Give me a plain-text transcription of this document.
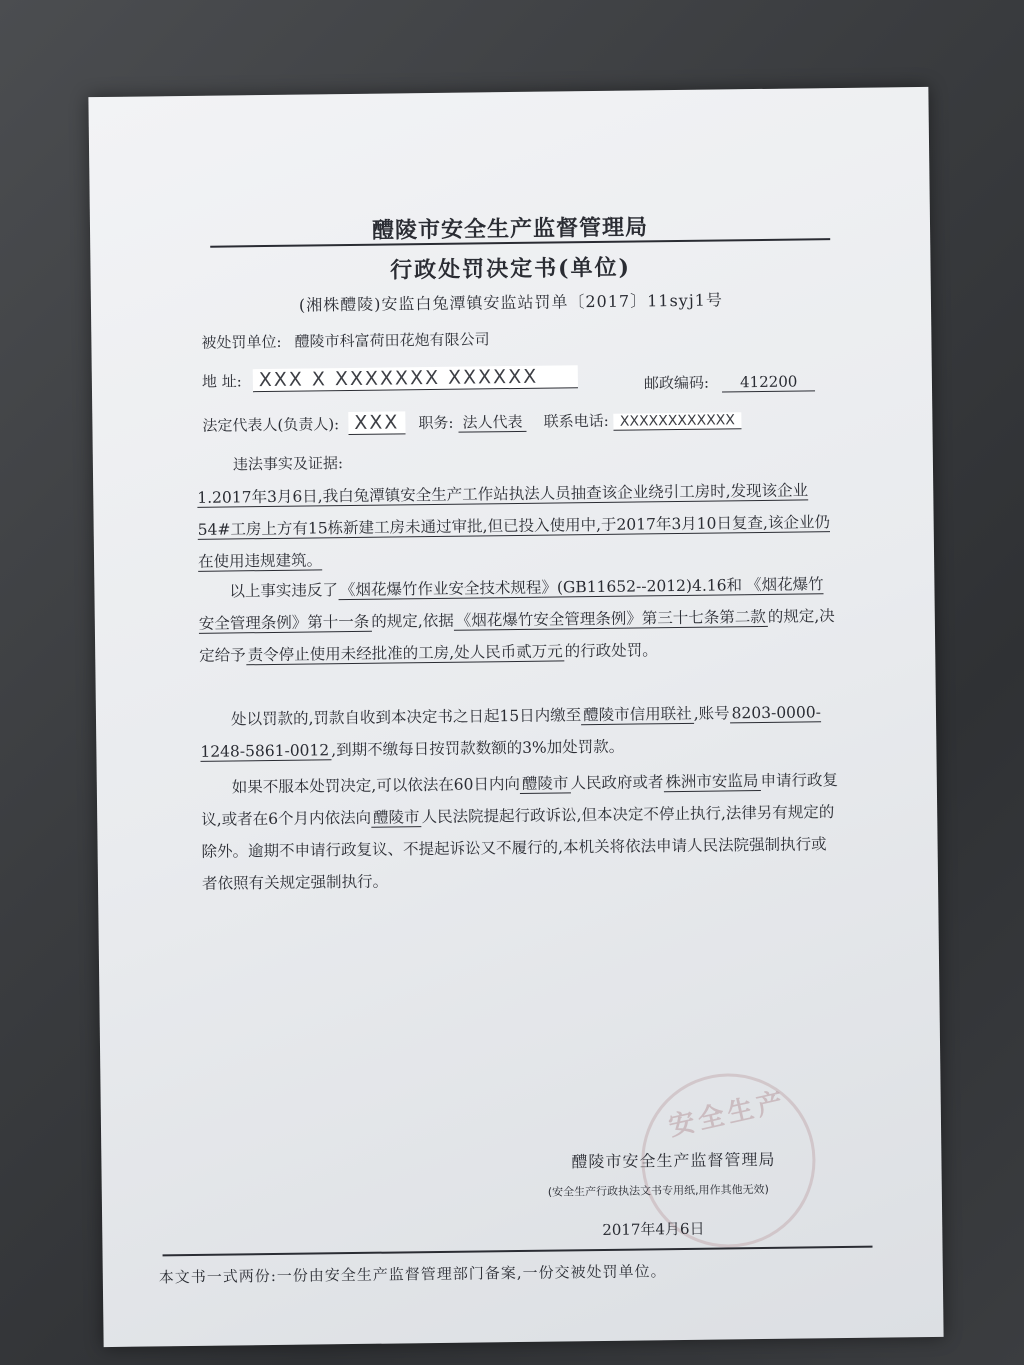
醴陵市安全生产监督管理局
行政处罚决定书(单位)
(湘株醴陵)安监白兔潭镇安监站罚单〔2017〕11syj1号
被处罚单位: 醴陵市科富荷田花炮有限公司
地 址: XXX X XXXXXXX XXXXXX	邮政编码: 412200
法定代表人(负责人): XXX 职务: 法人代表 联系电话: XXXXXXXXXXXX
违法事实及证据:
1.2017年3月6日,我白兔潭镇安全生产工作站执法人员抽查该企业绕引工房时,发现该企业54#工房上方有15栋新建工房未通过审批,但已投入使用中,于2017年3月10日复查,该企业仍在使用违规建筑。
以上事实违反了 《烟花爆竹作业安全技术规程》(GB11652--2012)4.16和 《烟花爆竹安全管理条例》第十一条 的规定,依据 《烟花爆竹安全管理条例》第三十七条第二款 的规定,决定给予 责令停止使用未经批准的工房,处人民币贰万元 的行政处罚。
处以罚款的,罚款自收到本决定书之日起15日内缴至 醴陵市信用联社 ,账号 8203-0000-1248-5861-0012 ,到期不缴每日按罚款数额的3%加处罚款。
如果不服本处罚决定,可以依法在60日内向 醴陵市 人民政府或者 株洲市安监局 申请行政复议,或者在6个月内依法向 醴陵市 人民法院提起行政诉讼,但本决定不停止执行,法律另有规定的除外。逾期不申请行政复议、不提起诉讼又不履行的,本机关将依法申请人民法院强制执行或者依照有关规定强制执行。
安全生产
醴陵市安全生产监督管理局
(安全生产行政执法文书专用纸,用作其他无效)
2017年4月6日
本文书一式两份:一份由安全生产监督管理部门备案,一份交被处罚单位。
